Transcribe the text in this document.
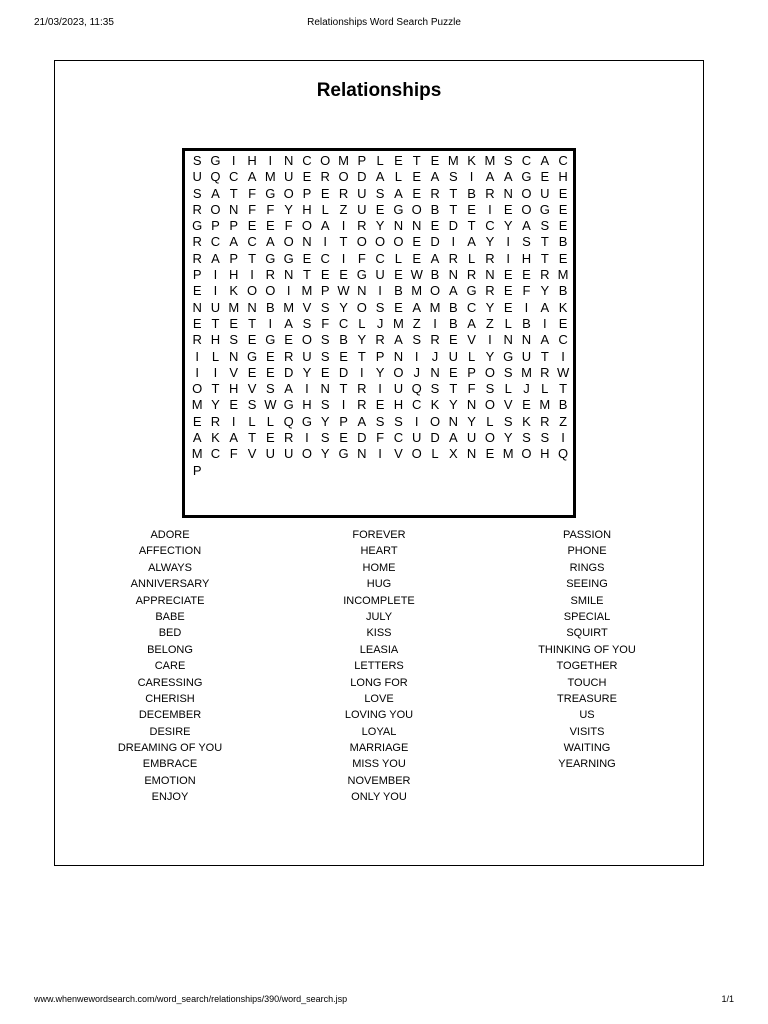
21/03/2023, 11:35	Relationships Word Search Puzzle
Relationships
S G I H I N C O M P L E T E M K M S C A C
U Q C A M U E R O D A L E A S I A A G E H
S A T F G O P E R U S A E R T B R N O U E
R O N F F Y H L Z U E G O B T E I E O G E
G P P E E F O A I R Y N N E D T C Y A S E
R C A C A O N I T O O O E D I A Y I S T B
R A P T G G E C I F C L E A R L R I H T E
P I H I R N T E E G U E W B N R N E E R M
E I K O O I M P W N I B M O A G R E F Y B
N U M N B M V S Y O S E A M B C Y E I A K
E T E T I A S F C L J M Z I B A Z L B I E
R H S E G E O S B Y R A S R E V I N N A C
I L N G E R U S E T P N I	J U L Y G U T I
I	I V E E D Y E D I Y O J N E P O S M R W
O T H V S A I N T R I U Q S T F S L J L T
M Y E S W G H S I R E H C K Y N O V E M B
E R I L L Q G Y P A S S I O N Y L S K R Z
A K A T E R I S E D F C U D A U O Y S S I
M C F V U U O Y G N I V O L X N E M O H Q
P
ADORE
AFFECTION
ALWAYS
ANNIVERSARY
APPRECIATE
BABE
BED
BELONG
CARE
CARESSING
CHERISH
DECEMBER
DESIRE
DREAMING OF YOU
EMBRACE
EMOTION
ENJOY
FOREVER
HEART
HOME
HUG
INCOMPLETE
JULY
KISS
LEASIA
LETTERS
LONG FOR
LOVE
LOVING YOU
LOYAL
MARRIAGE
MISS YOU
NOVEMBER
ONLY YOU
PASSION
PHONE
RINGS
SEEING
SMILE
SPECIAL
SQUIRT
THINKING OF YOU
TOGETHER
TOUCH
TREASURE
US
VISITS
WAITING
YEARNING
www.whenwewordsearch.com/word_search/relationships/390/word_search.jsp	1/1
